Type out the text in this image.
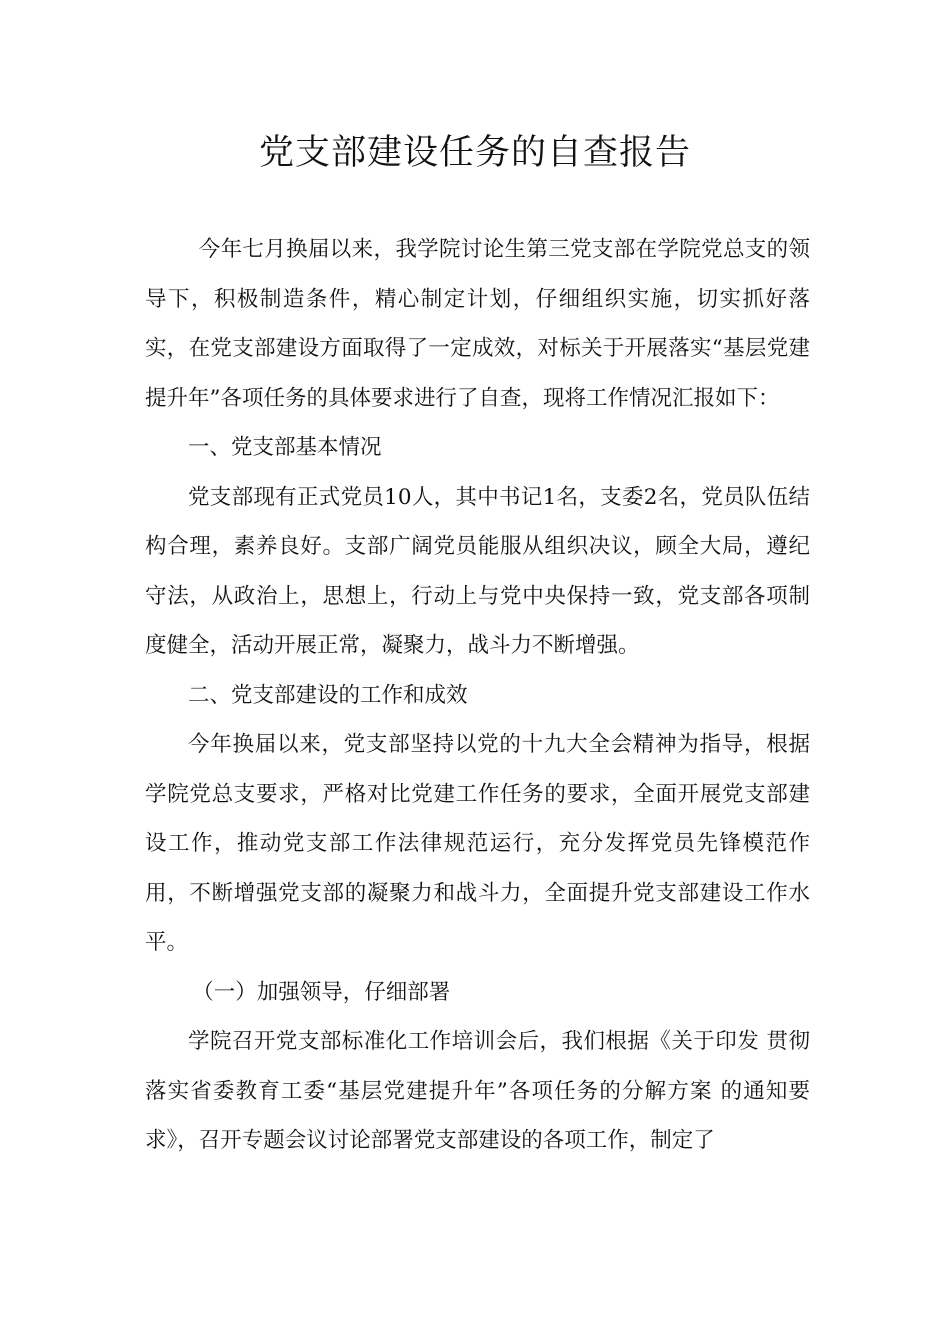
党支部建设任务的自查报告

今年七月换届以来，我学院讨论生第三党支部在学院党总支的领导下，积极制造条件，精心制定计划，仔细组织实施，切实抓好落实，在党支部建设方面取得了一定成效，对标关于开展落实“基层党建提升年”各项任务的具体要求进行了自查，现将工作情况汇报如下：

一、党支部基本情况

党支部现有正式党员10人，其中书记1名，支委2名，党员队伍结构合理，素养良好。支部广阔党员能服从组织决议，顾全大局，遵纪守法，从政治上，思想上，行动上与党中央保持一致，党支部各项制度健全，活动开展正常，凝聚力，战斗力不断增强。

二、党支部建设的工作和成效

今年换届以来，党支部坚持以党的十九大全会精神为指导，根据学院党总支要求，严格对比党建工作任务的要求，全面开展党支部建设工作，推动党支部工作法律规范运行，充分发挥党员先锋模范作用，不断增强党支部的凝聚力和战斗力，全面提升党支部建设工作水平。

（一）加强领导，仔细部署

学院召开党支部标准化工作培训会后，我们根据《关于印发 贯彻落实省委教育工委“基层党建提升年”各项任务的分解方案 的通知要求》，召开专题会议讨论部署党支部建设的各项工作，制定了
